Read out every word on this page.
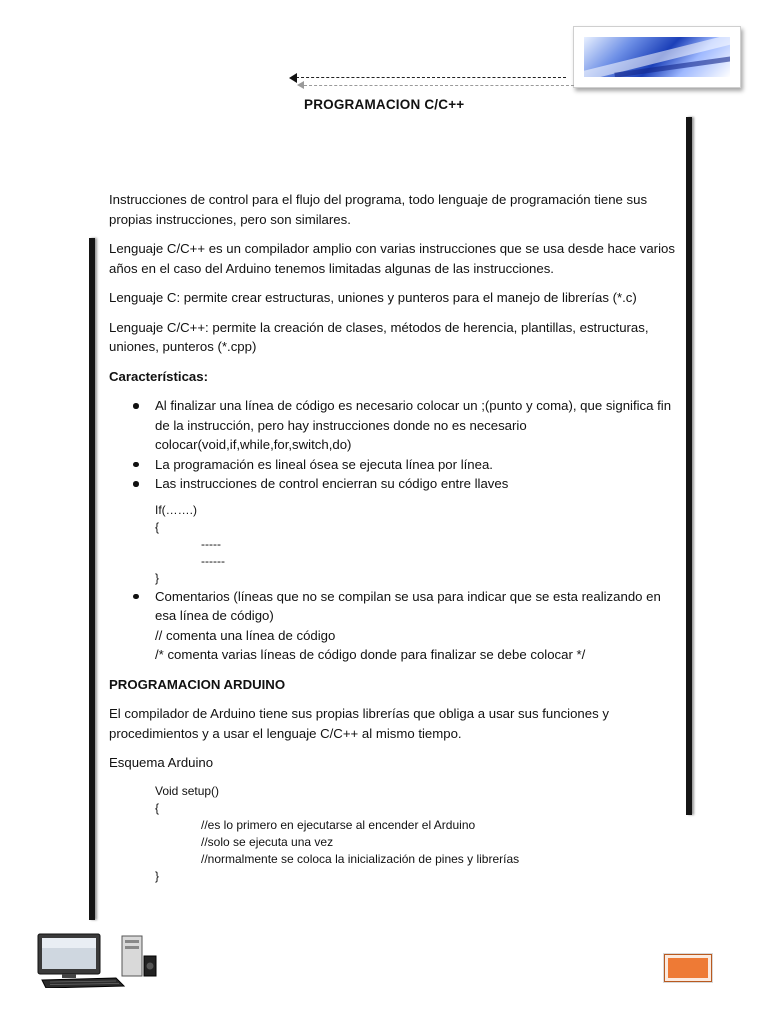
PROGRAMACION C/C++

Instrucciones de control para el flujo del programa, todo lenguaje de programación tiene sus propias instrucciones, pero son similares.

Lenguaje C/C++ es un compilador amplio con varias instrucciones que se usa desde hace varios años en el caso del Arduino tenemos limitadas algunas de las instrucciones.

Lenguaje C: permite crear estructuras, uniones y punteros para el manejo de librerías (*.c)

Lenguaje C/C++: permite la creación de clases, métodos de herencia, plantillas, estructuras, uniones, punteros (*.cpp)

Características:

Al finalizar una línea de código es necesario colocar un ;(punto y coma), que significa fin de la instrucción, pero hay instrucciones donde no es necesario colocar(void,if,while,for,switch,do)
La programación es lineal ósea se ejecuta línea por línea.
Las instrucciones de control encierran su código entre llaves
If(…….)
{
-----
------
}
Comentarios (líneas que no se compilan se usa para indicar que se esta realizando en esa línea de código)
// comenta una línea de código
/* comenta varias líneas de código donde para finalizar se debe colocar */

PROGRAMACION ARDUINO

El compilador de Arduino tiene sus propias librerías que obliga a usar sus funciones y procedimientos y a usar el lenguaje C/C++ al mismo tiempo.

Esquema Arduino

Void setup()
{
//es lo primero en ejecutarse al encender el Arduino
//solo se ejecuta una vez
//normalmente se coloca la inicialización de pines y librerías
}
